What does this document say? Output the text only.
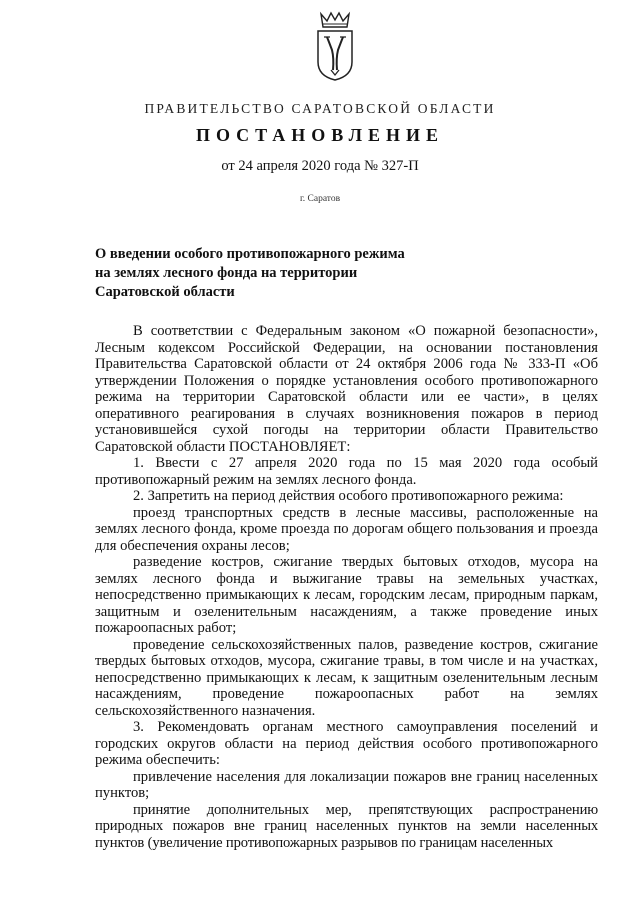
ПРАВИТЕЛЬСТВО САРАТОВСКОЙ ОБЛАСТИ
ПОСТАНОВЛЕНИЕ
от 24 апреля 2020 года № 327-П
г. Саратов
О введении особого противопожарного режима
на землях лесного фонда на территории
Саратовской области

В соответствии с Федеральным законом «О пожарной безопасности», Лесным кодексом Российской Федерации, на основании постановления Правительства Саратовской области от 24 октября 2006 года № 333-П «Об утверждении Положения о порядке установления особого противопожарного режима на территории Саратовской области или ее части», в целях оперативного реагирования в случаях возникновения пожаров в период установившейся сухой погоды на территории области Правительство Саратовской области ПОСТАНОВЛЯЕТ:

1. Ввести с 27 апреля 2020 года по 15 мая 2020 года особый противопожарный режим на землях лесного фонда.

2. Запретить на период действия особого противопожарного режима:

проезд транспортных средств в лесные массивы, расположенные на землях лесного фонда, кроме проезда по дорогам общего пользования и проезда для обеспечения охраны лесов;

разведение костров, сжигание твердых бытовых отходов, мусора на землях лесного фонда и выжигание травы на земельных участках, непосредственно примыкающих к лесам, городским лесам, природным паркам, защитным и озеленительным насаждениям, а также проведение иных пожароопасных работ;

проведение сельскохозяйственных палов, разведение костров, сжигание твердых бытовых отходов, мусора, сжигание травы, в том числе и на участках, непосредственно примыкающих к лесам, к защитным озеленительным лесным насаждениям, проведение пожароопасных работ на землях сельскохозяйственного назначения.

3. Рекомендовать органам местного самоуправления поселений и городских округов области на период действия особого противопожарного режима обеспечить:

привлечение населения для локализации пожаров вне границ населенных пунктов;

принятие дополнительных мер, препятствующих распространению природных пожаров вне границ населенных пунктов на земли населенных пунктов (увеличение противопожарных разрывов по границам населенных
